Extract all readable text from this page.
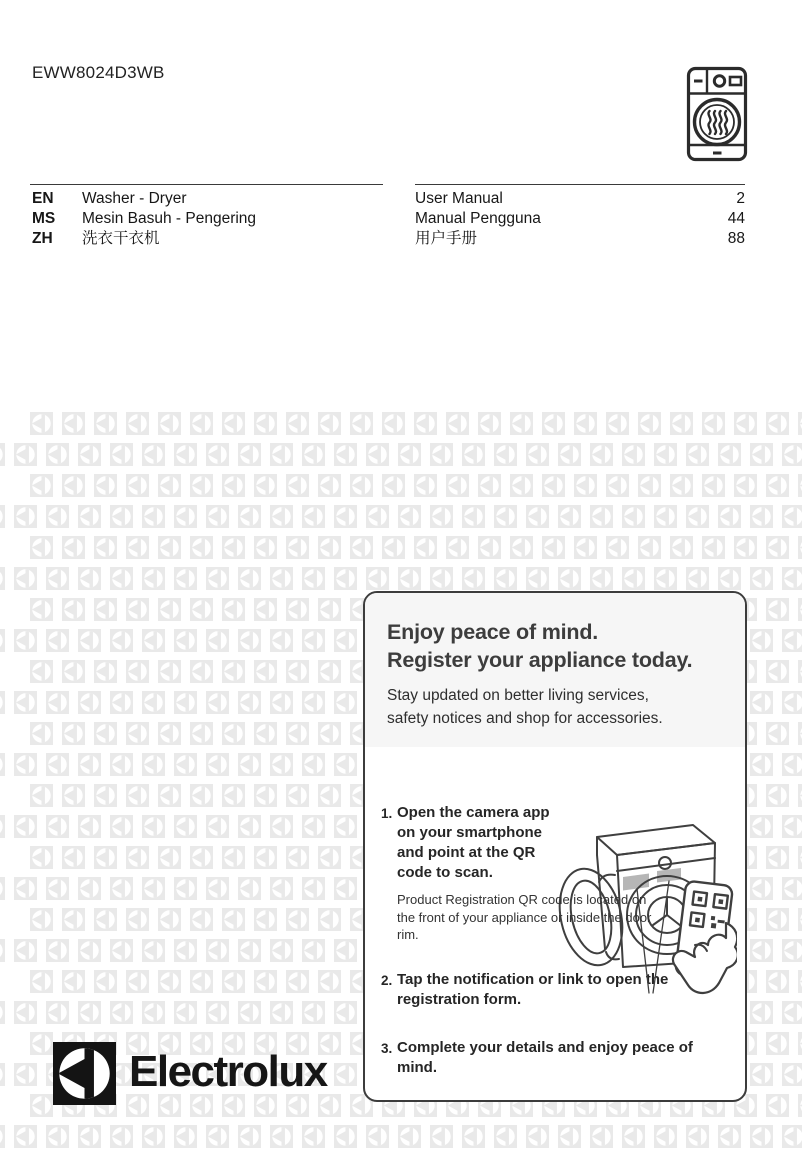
EWW8024D3WB
EN	Washer - Dryer
MS	Mesin Basuh - Pengering
ZH	洗衣干衣机
User Manual	2
Manual Pengguna	44
用户手册	88
Enjoy peace of mind.
Register your appliance today.
Stay updated on better living services,
safety notices and shop for accessories.
1. Open the camera app on your smartphone and point at the QR code to scan.
Product Registration QR code is located on the front of your appliance or inside the door rim.
2. Tap the notification or link to open the registration form.
3. Complete your details and enjoy peace of mind.
Electrolux
